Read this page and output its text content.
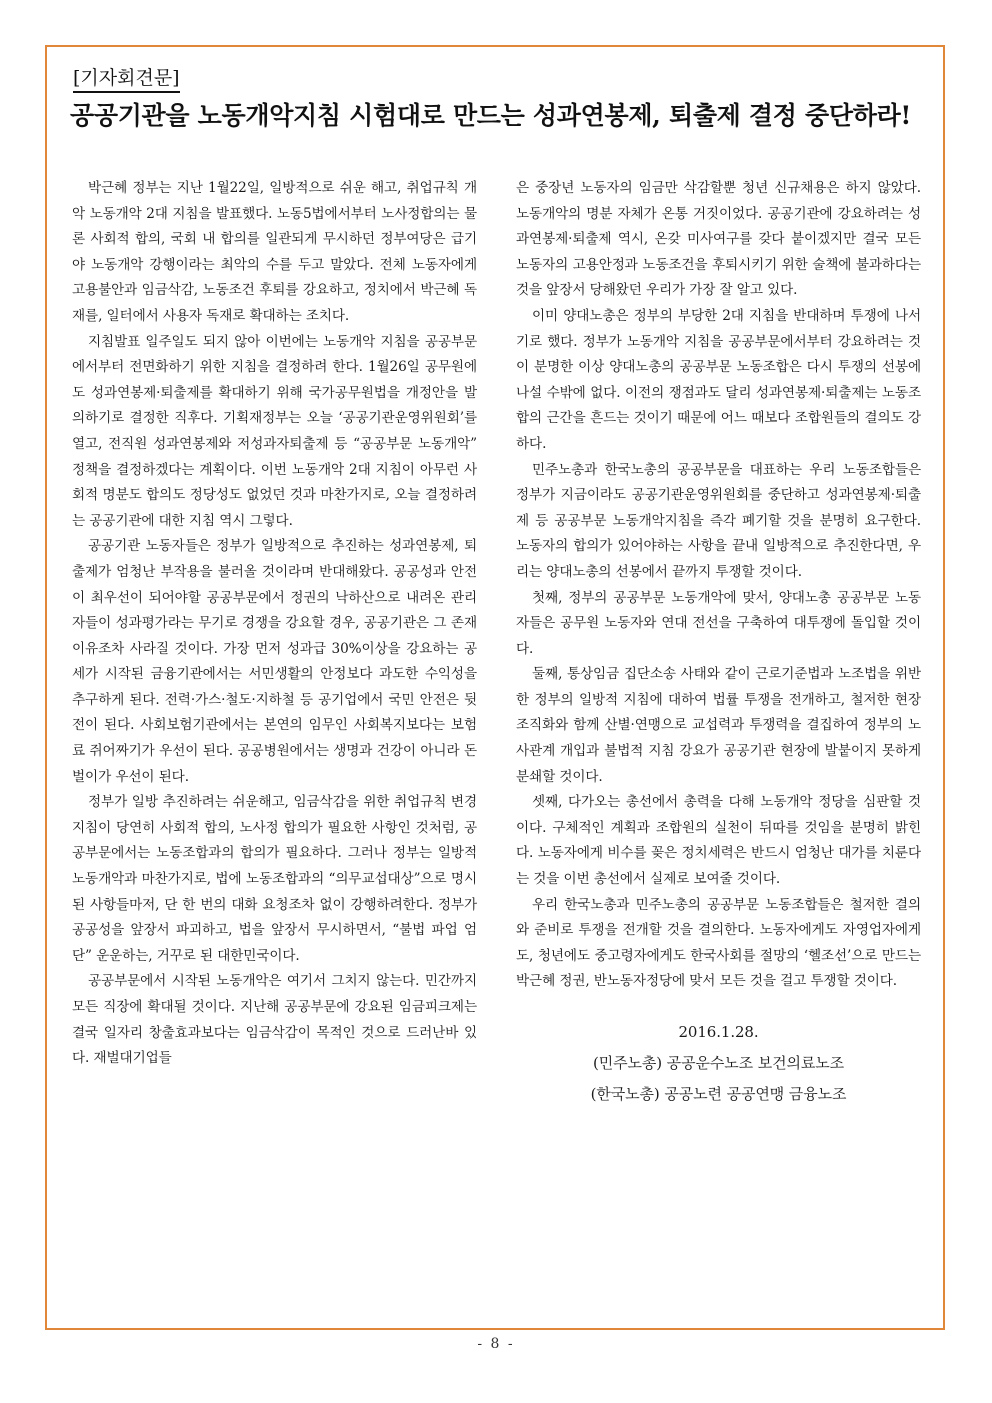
[기자회견문]
공공기관을 노동개악지침 시험대로 만드는 성과연봉제, 퇴출제 결정 중단하라!

박근혜 정부는 지난 1월22일, 일방적으로 쉬운 해고, 취업규칙 개악 노동개악 2대 지침을 발표했다. 노동5법에서부터 노사정합의는 물론 사회적 합의, 국회 내 합의를 일관되게 무시하던 정부여당은 급기야 노동개악 강행이라는 최악의 수를 두고 말았다. 전체 노동자에게 고용불안과 임금삭감, 노동조건 후퇴를 강요하고, 정치에서 박근혜 독재를, 일터에서 사용자 독재로 확대하는 조치다.

지침발표 일주일도 되지 않아 이번에는 노동개악 지침을 공공부문에서부터 전면화하기 위한 지침을 결정하려 한다. 1월26일 공무원에도 성과연봉제·퇴출제를 확대하기 위해 국가공무원법을 개정안을 발의하기로 결정한 직후다. 기획재정부는 오늘 ‘공공기관운영위원회’를 열고, 전직원 성과연봉제와 저성과자퇴출제 등 “공공부문 노동개악” 정책을 결정하겠다는 계획이다. 이번 노동개악 2대 지침이 아무런 사회적 명분도 합의도 정당성도 없었던 것과 마찬가지로, 오늘 결정하려는 공공기관에 대한 지침 역시 그렇다.

공공기관 노동자들은 정부가 일방적으로 추진하는 성과연봉제, 퇴출제가 엄청난 부작용을 불러올 것이라며 반대해왔다. 공공성과 안전이 최우선이 되어야할 공공부문에서 정권의 낙하산으로 내려온 관리자들이 성과평가라는 무기로 경쟁을 강요할 경우, 공공기관은 그 존재 이유조차 사라질 것이다. 가장 먼저 성과급 30%이상을 강요하는 공세가 시작된 금융기관에서는 서민생활의 안정보다 과도한 수익성을 추구하게 된다. 전력·가스·철도·지하철 등 공기업에서 국민 안전은 뒷전이 된다. 사회보험기관에서는 본연의 임무인 사회복지보다는 보험료 쥐어짜기가 우선이 된다. 공공병원에서는 생명과 건강이 아니라 돈벌이가 우선이 된다.

정부가 일방 추진하려는 쉬운해고, 임금삭감을 위한 취업규칙 변경 지침이 당연히 사회적 합의, 노사정 합의가 필요한 사항인 것처럼, 공공부문에서는 노동조합과의 합의가 필요하다. 그러나 정부는 일방적 노동개악과 마찬가지로, 법에 노동조합과의 “의무교섭대상”으로 명시된 사항들마저, 단 한 번의 대화 요청조차 없이 강행하려한다. 정부가 공공성을 앞장서 파괴하고, 법을 앞장서 무시하면서, “불법 파업 엄단” 운운하는, 거꾸로 된 대한민국이다.

공공부문에서 시작된 노동개악은 여기서 그치지 않는다. 민간까지 모든 직장에 확대될 것이다. 지난해 공공부문에 강요된 임금피크제는 결국 일자리 창출효과보다는 임금삭감이 목적인 것으로 드러난바 있다. 재벌대기업들

은 중장년 노동자의 임금만 삭감할뿐 청년 신규채용은 하지 않았다. 노동개악의 명분 자체가 온통 거짓이었다. 공공기관에 강요하려는 성과연봉제·퇴출제 역시, 온갖 미사여구를 갖다 붙이겠지만 결국 모든 노동자의 고용안정과 노동조건을 후퇴시키기 위한 술책에 불과하다는 것을 앞장서 당해왔던 우리가 가장 잘 알고 있다.

이미 양대노총은 정부의 부당한 2대 지침을 반대하며 투쟁에 나서기로 했다. 정부가 노동개악 지침을 공공부문에서부터 강요하려는 것이 분명한 이상 양대노총의 공공부문 노동조합은 다시 투쟁의 선봉에 나설 수밖에 없다. 이전의 쟁점과도 달리 성과연봉제·퇴출제는 노동조합의 근간을 흔드는 것이기 때문에 어느 때보다 조합원들의 결의도 강하다.

민주노총과 한국노총의 공공부문을 대표하는 우리 노동조합들은 정부가 지금이라도 공공기관운영위원회를 중단하고 성과연봉제·퇴출제 등 공공부문 노동개악지침을 즉각 폐기할 것을 분명히 요구한다. 노동자의 합의가 있어야하는 사항을 끝내 일방적으로 추진한다면, 우리는 양대노총의 선봉에서 끝까지 투쟁할 것이다.

첫째, 정부의 공공부문 노동개악에 맞서, 양대노총 공공부문 노동자들은 공무원 노동자와 연대 전선을 구축하여 대투쟁에 돌입할 것이다.

둘째, 통상임금 집단소송 사태와 같이 근로기준법과 노조법을 위반한 정부의 일방적 지침에 대하여 법률 투쟁을 전개하고, 철저한 현장 조직화와 함께 산별·연맹으로 교섭력과 투쟁력을 결집하여 정부의 노사관계 개입과 불법적 지침 강요가 공공기관 현장에 발붙이지 못하게 분쇄할 것이다.

셋째, 다가오는 총선에서 총력을 다해 노동개악 정당을 심판할 것이다. 구체적인 계획과 조합원의 실천이 뒤따를 것임을 분명히 밝힌다. 노동자에게 비수를 꽂은 정치세력은 반드시 엄청난 대가를 치룬다는 것을 이번 총선에서 실제로 보여줄 것이다.

우리 한국노총과 민주노총의 공공부문 노동조합들은 철저한 결의와 준비로 투쟁을 전개할 것을 결의한다. 노동자에게도 자영업자에게도, 청년에도 중고령자에게도 한국사회를 절망의 ‘헬조선’으로 만드는 박근혜 정권, 반노동자정당에 맞서 모든 것을 걸고 투쟁할 것이다.

2016.1.28.
(민주노총) 공공운수노조 보건의료노조
(한국노총) 공공노련 공공연맹 금융노조
- 8 -
